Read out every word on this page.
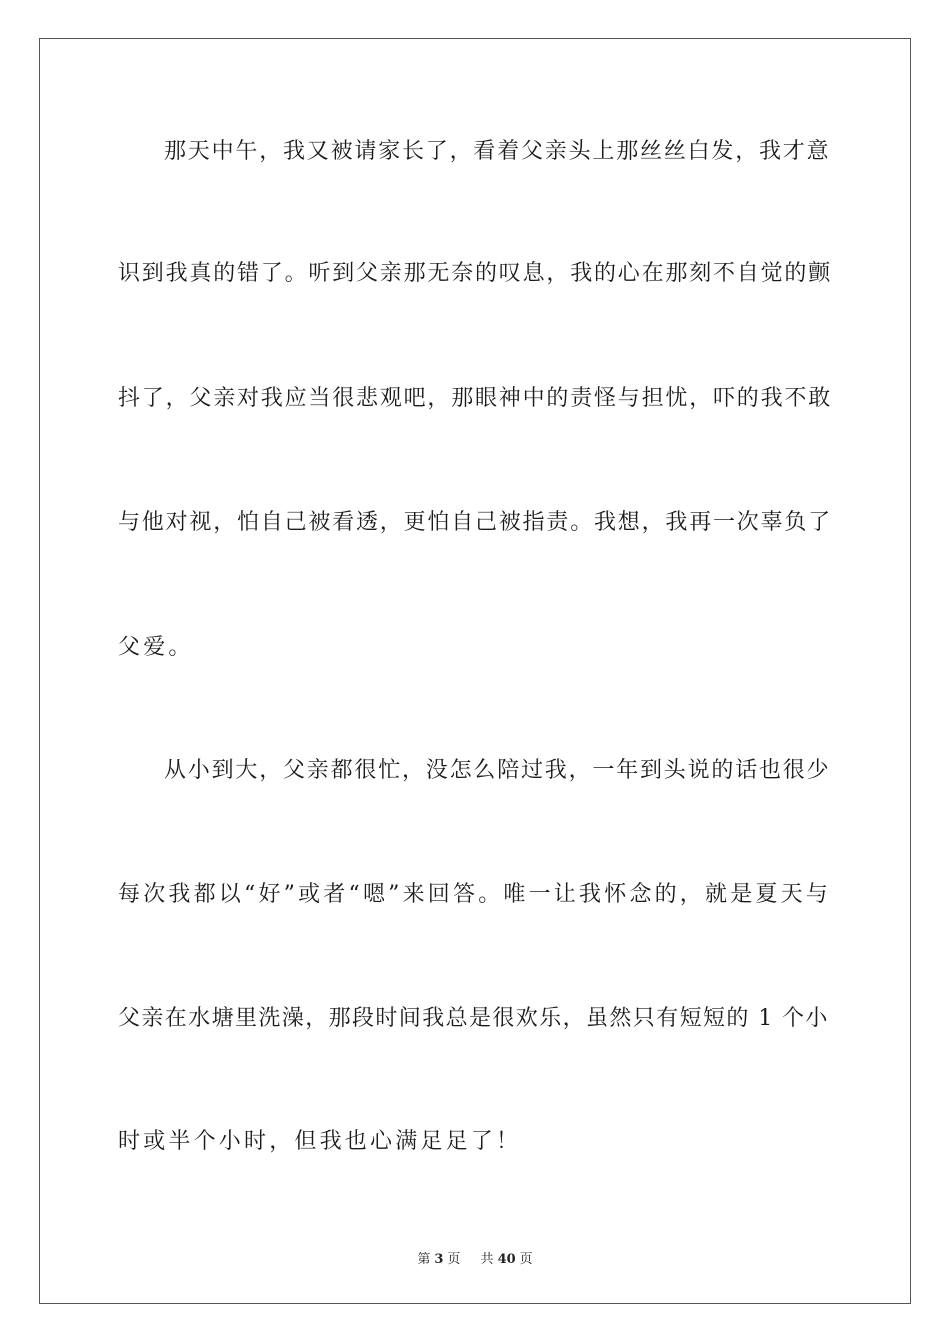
那天中午，我又被请家长了，看着父亲头上那丝丝白发，我才意
识到我真的错了。听到父亲那无奈的叹息，我的心在那刻不自觉的颤
抖了，父亲对我应当很悲观吧，那眼神中的责怪与担忧，吓的我不敢
与他对视，怕自己被看透，更怕自己被指责。我想，我再一次辜负了
父爱。
从小到大，父亲都很忙，没怎么陪过我，一年到头说的话也很少
每次我都以“好”或者“嗯”来回答。唯一让我怀念的，就是夏天与
父亲在水塘里洗澡，那段时间我总是很欢乐，虽然只有短短的 1 个小
时或半个小时，但我也心满足足了！
第 3 页 共 40 页
